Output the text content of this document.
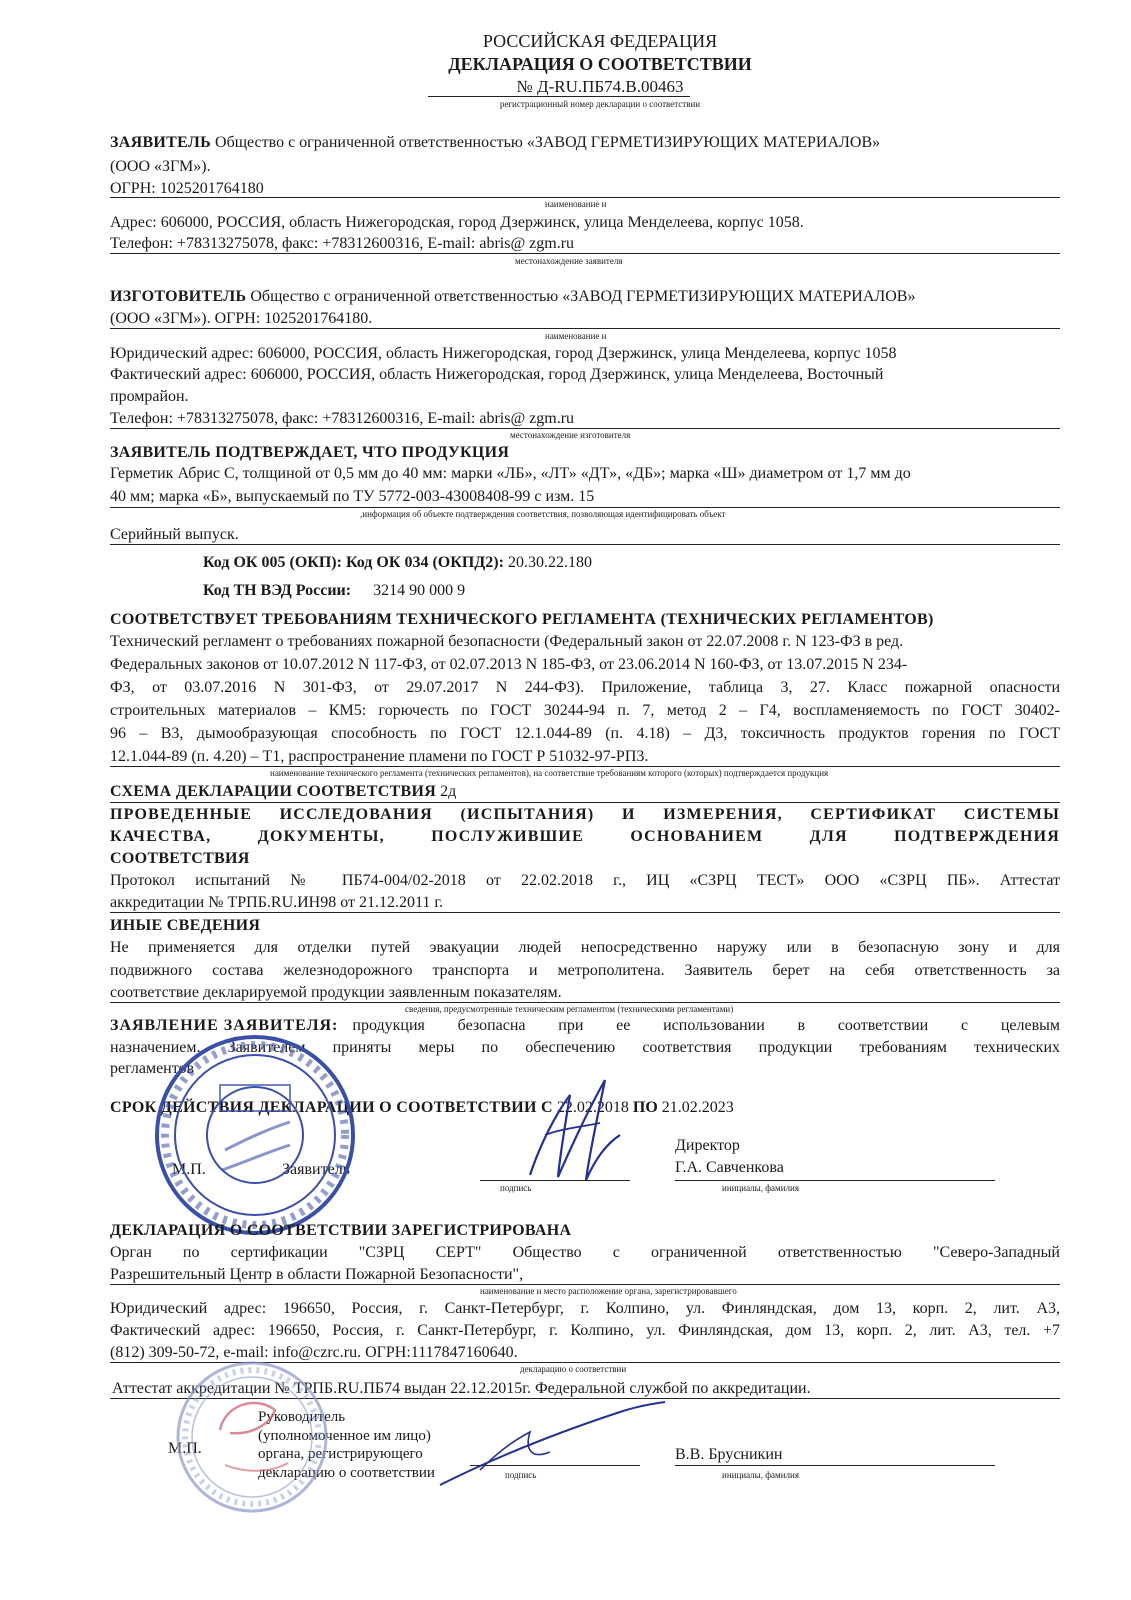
РОССИЙСКАЯ ФЕДЕРАЦИЯ
ДЕКЛАРАЦИЯ О СООТВЕТСТВИИ
№ Д-RU.ПБ74.В.00463
регистрационный номер декларации о соответствии
ЗАЯВИТЕЛЬ Общество с ограниченной ответственностью «ЗАВОД ГЕРМЕТИЗИРУЮЩИХ МАТЕРИАЛОВ»
(ООО «ЗГМ»).
ОГРН: 1025201764180
наименование и
Адрес: 606000, РОССИЯ, область Нижегородская, город Дзержинск, улица Менделеева, корпус 1058.
Телефон: +78313275078, факс: +78312600316, E-mail: abris@ zgm.ru
местонахождение заявителя
ИЗГОТОВИТЕЛЬ Общество с ограниченной ответственностью «ЗАВОД ГЕРМЕТИЗИРУЮЩИХ МАТЕРИАЛОВ»
(ООО «ЗГМ»). ОГРН: 1025201764180.
наименование и
Юридический адрес: 606000, РОССИЯ, область Нижегородская, город Дзержинск, улица Менделеева, корпус 1058
Фактический адрес: 606000, РОССИЯ, область Нижегородская, город Дзержинск, улица Менделеева, Восточный
промрайон.
Телефон: +78313275078, факс: +78312600316, E-mail: abris@ zgm.ru
местонахождение изготовителя
ЗАЯВИТЕЛЬ ПОДТВЕРЖДАЕТ, ЧТО ПРОДУКЦИЯ
Герметик Абрис С, толщиной от 0,5 мм до 40 мм: марки «ЛБ», «ЛТ» «ДТ», «ДБ»; марка «Ш» диаметром от 1,7 мм до
40 мм; марка «Б», выпускаемый по ТУ 5772-003-43008408-99 с изм. 15
,информация об объекте подтверждения соответствия, позволяющая идентифицировать объект
Серийный выпуск.
Код ОК 005 (ОКП): Код ОК 034 (ОКПД2): 20.30.22.180
Код ТН ВЭД России: 3214 90 000 9
СООТВЕТСТВУЕТ ТРЕБОВАНИЯМ ТЕХНИЧЕСКОГО РЕГЛАМЕНТА (ТЕХНИЧЕСКИХ РЕГЛАМЕНТОВ)
Технический регламент о требованиях пожарной безопасности (Федеральный закон от 22.07.2008 г. N 123-ФЗ в ред.
Федеральных законов от 10.07.2012 N 117-ФЗ, от 02.07.2013 N 185-ФЗ, от 23.06.2014 N 160-ФЗ, от 13.07.2015 N 234-
ФЗ, от 03.07.2016 N 301-ФЗ, от 29.07.2017 N 244-ФЗ). Приложение, таблица 3, 27. Класс пожарной опасности
строительных материалов – КМ5: горючесть по ГОСТ 30244-94 п. 7, метод 2 – Г4, воспламеняемость по ГОСТ 30402-
96 – В3, дымообразующая способность по ГОСТ 12.1.044-89 (п. 4.18) – Д3, токсичность продуктов горения по ГОСТ
12.1.044-89 (п. 4.20) – Т1, распространение пламени по ГОСТ Р 51032-97-РП3.
наименование технического регламента (технических регламентов), на соответствие требованиям которого (которых) подтверждается продукция
СХЕМА ДЕКЛАРАЦИИ СООТВЕТСТВИЯ 2д
ПРОВЕДЕННЫЕ ИССЛЕДОВАНИЯ (ИСПЫТАНИЯ) И ИЗМЕРЕНИЯ, СЕРТИФИКАТ СИСТЕМЫ
КАЧЕСТВА, ДОКУМЕНТЫ, ПОСЛУЖИВШИЕ ОСНОВАНИЕМ ДЛЯ ПОДТВЕРЖДЕНИЯ
СООТВЕТСТВИЯ
Протокол испытаний № ПБ74-004/02-2018 от 22.02.2018 г., ИЦ «СЗРЦ ТЕСТ» ООО «СЗРЦ ПБ». Аттестат
аккредитации № ТРПБ.RU.ИН98 от 21.12.2011 г.
ИНЫЕ СВЕДЕНИЯ
Не применяется для отделки путей эвакуации людей непосредственно наружу или в безопасную зону и для
подвижного состава железнодорожного транспорта и метрополитена. Заявитель берет на себя ответственность за
соответствие декларируемой продукции заявленным показателям.
сведения, предусмотренные техническим регламентом (техническими регламентами)
ЗАЯВЛЕНИЕ ЗАЯВИТЕЛЯ: продукция безопасна при ее использовании в соответствии с целевым
назначением. Заявителем приняты меры по обеспечению соответствия продукции требованиям технических
регламентов
СРОК ДЕЙСТВИЯ ДЕКЛАРАЦИИ О СООТВЕТСТВИИ С 22.02.2018 ПО 21.02.2023
Директор
М.П.	Заявитель	Г.А. Савченкова
подпись	инициалы, фамилия
ДЕКЛАРАЦИЯ О СООТВЕТСТВИИ ЗАРЕГИСТРИРОВАНА
Орган по сертификации "СЗРЦ СЕРТ" Общество с ограниченной ответственностью "Северо-Западный
Разрешительный Центр в области Пожарной Безопасности",
наименование и место расположение органа, зарегистрировавшего
Юридический адрес: 196650, Россия, г. Санкт-Петербург, г. Колпино, ул. Финляндская, дом 13, корп. 2, лит. А3,
Фактический адрес: 196650, Россия, г. Санкт-Петербург, г. Колпино, ул. Финляндская, дом 13, корп. 2, лит. А3, тел. +7
(812) 309-50-72, e-mail: info@czrc.ru. ОГРН:1117847160640.
декларацию о соответствии
Аттестат аккредитации № ТРПБ.RU.ПБ74 выдан 22.12.2015г. Федеральной службой по аккредитации.
Руководитель
(уполномоченное им лицо)
М.П.	органа, регистрирующего
декларацию о соответствии
В.В. Брусникин
подпись	инициалы, фамилия
